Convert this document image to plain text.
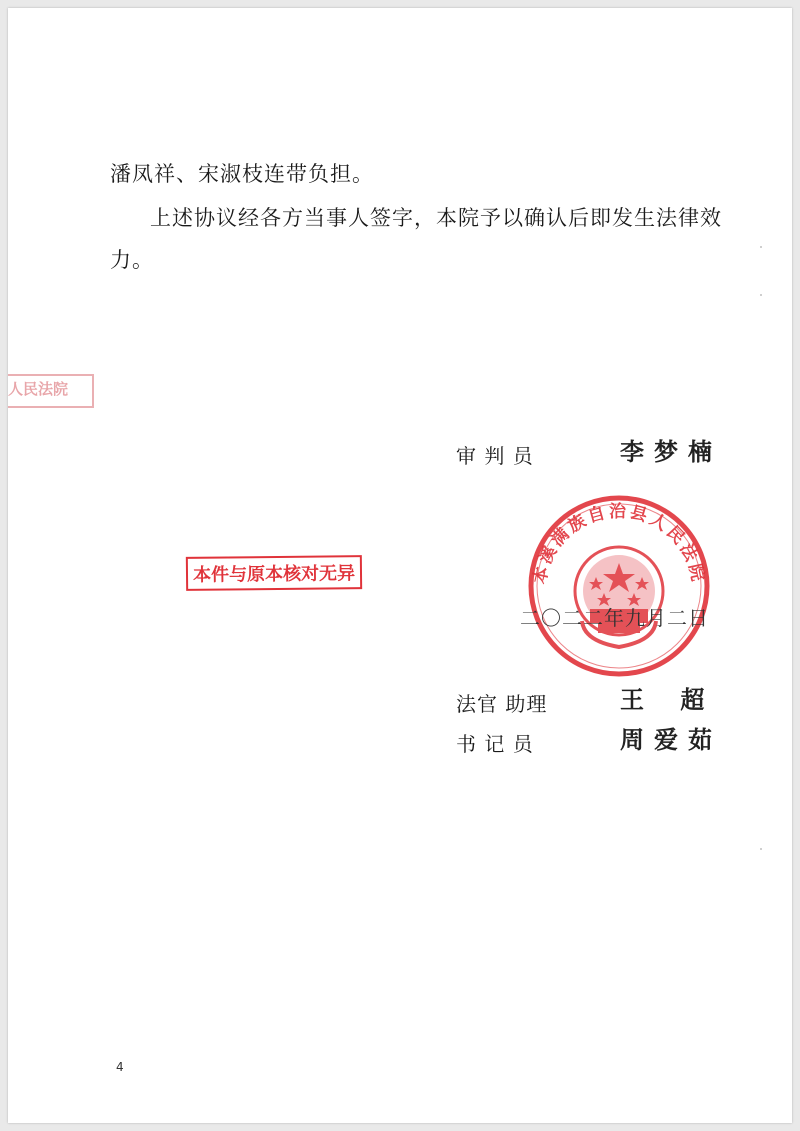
潘凤祥、宋淑枝连带负担。
上述协议经各方当事人签字，本院予以确认后即发生法律效
力。
人民法院
审 判 员	李梦楠
本件与原本核对无异	本溪满族自治县人民法院
二〇二二年九月二日
法官 助理	王 超
书 记 员	周爱茹
4
